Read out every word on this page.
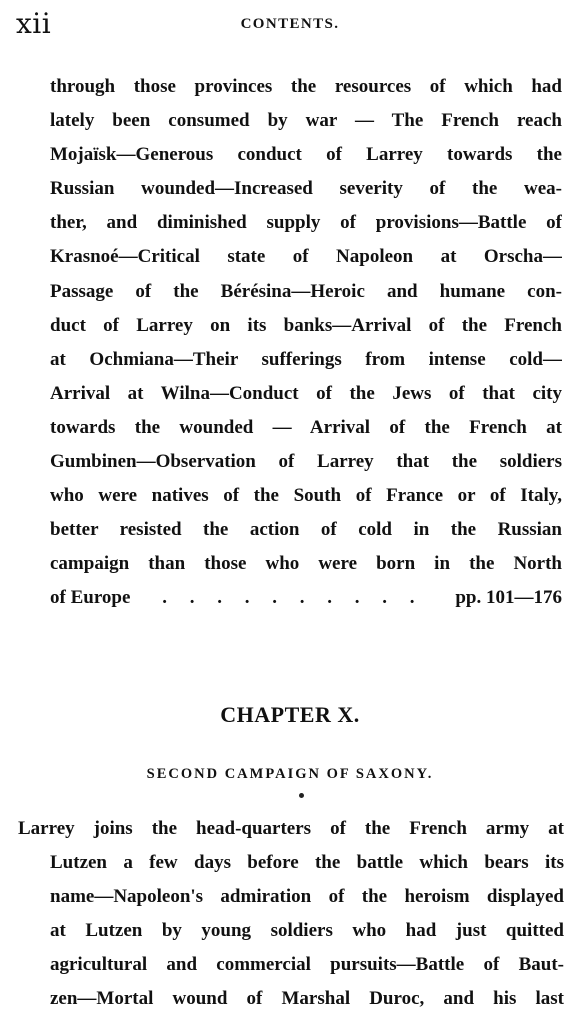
xii	CONTENTS.
through those provinces the resources of which had
lately been consumed by war — The French reach
Mojaïsk—Generous conduct of Larrey towards the
Russian wounded—Increased severity of the wea-
ther, and diminished supply of provisions—Battle of
Krasnoé—Critical state of Napoleon at Orscha—
Passage of the Bérésina—Heroic and humane con-
duct of Larrey on its banks—Arrival of the French
at Ochmiana—Their sufferings from intense cold—
Arrival at Wilna—Conduct of the Jews of that city
towards the wounded — Arrival of the French at
Gumbinen—Observation of Larrey that the soldiers
who were natives of the South of France or of Italy,
better resisted the action of cold in the Russian
campaign than those who were born in the North
of Europe . . . . . . . . . . pp. 101—176
CHAPTER X.
SECOND CAMPAIGN OF SAXONY.
Larrey joins the head-quarters of the French army at
Lutzen a few days before the battle which bears its
name—Napoleon's admiration of the heroism displayed
at Lutzen by young soldiers who had just quitted
agricultural and commercial pursuits—Battle of Baut-
zen—Mortal wound of Marshal Duroc, and his last
